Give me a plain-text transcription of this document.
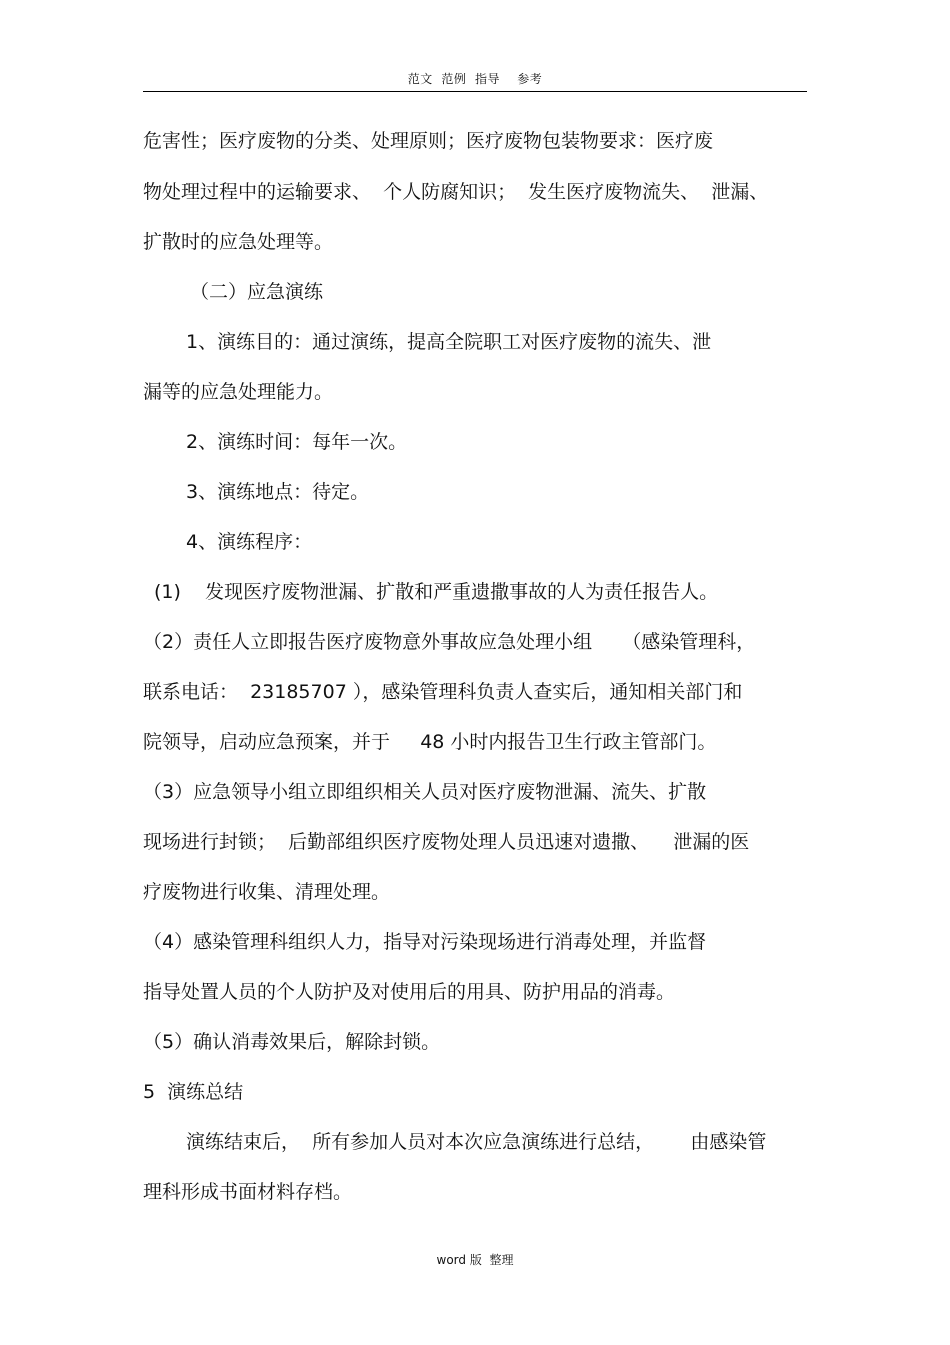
范文  范例  指导    参考
危害性；医疗废物的分类、处理原则；医疗废物包装物要求：医疗废
物处理过程中的运输要求、  个人防腐知识；  发生医疗废物流失、  泄漏、
扩散时的应急处理等。
（二）应急演练
1、演练目的：通过演练，提高全院职工对医疗废物的流失、泄
漏等的应急处理能力。
2、演练时间：每年一次。
3、演练地点：待定。
4、演练程序：
(1)    发现医疗废物泄漏、扩散和严重遗撒事故的人为责任报告人。
（2）责任人立即报告医疗废物意外事故应急处理小组     （感染管理科，
联系电话：  23185707 ），感染管理科负责人查实后，通知相关部门和
院领导，启动应急预案，并于     48 小时内报告卫生行政主管部门。
（3）应急领导小组立即组织相关人员对医疗废物泄漏、流失、扩散
现场进行封锁；  后勤部组织医疗废物处理人员迅速对遗撒、    泄漏的医
疗废物进行收集、清理处理。
（4）感染管理科组织人力，指导对污染现场进行消毒处理，并监督
指导处置人员的个人防护及对使用后的用具、防护用品的消毒。
（5）确认消毒效果后，解除封锁。
5  演练总结
演练结束后，  所有参加人员对本次应急演练进行总结，      由感染管
理科形成书面材料存档。
word 版  整理
